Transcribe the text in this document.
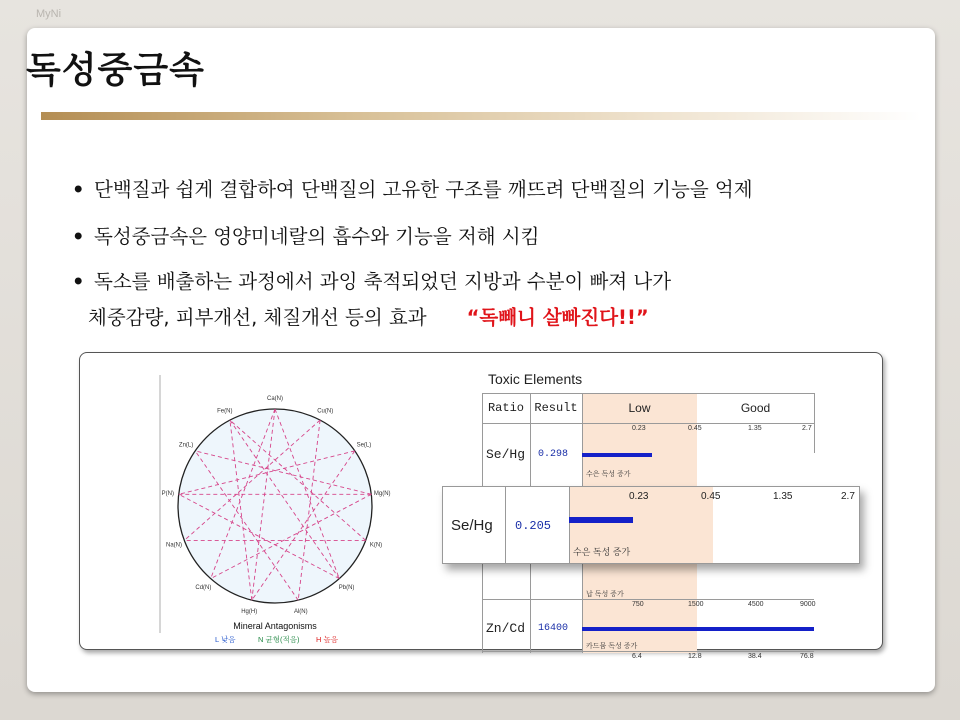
MyNi
독성중금속
• 단백질과 쉽게 결합하여 단백질의 고유한 구조를 깨뜨려 단백질의 기능을 억제
• 독성중금속은 영양미네랄의 흡수와 기능을 저해 시킴
• 독소를 배출하는 과정에서 과잉 축적되었던 지방과 수분이 빠져 나가
체중감량, 피부개선, 체질개선 등의 효과 “독빼니 살빠진다!!”
Ca(N)
Cu(N)
Se(L)
Mg(N)
K(N)
Pb(N)
Al(N)
Hg(H)
Cd(N)
Na(N)
P(N)
Zn(L)
Fe(N)
Mineral Antagonisms
L 낮음	N 균형(적음) H 높음
Toxic Elements
Ratio Result	Low	Good
0.23	0.45	1.35	2.7
Se/Hg 0.298
수은 독성 증가
납 독성 증가
750	1500	4500	9000
Zn/Cd 16400
카드뮴 독성 증가
6.4	12.8	38.4	76.8
Se/Hg 0.205
0.23	0.45	1.35	2.7
수은 독성 증가
